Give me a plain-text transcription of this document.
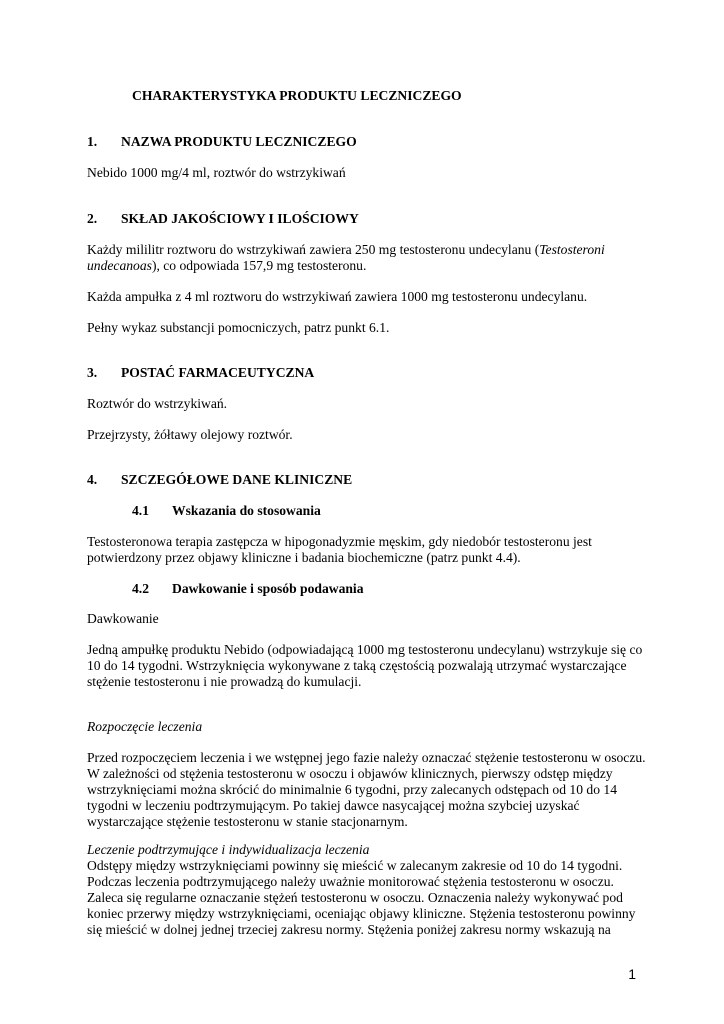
CHARAKTERYSTYKA PRODUKTU LECZNICZEGO

1. NAZWA PRODUKTU LECZNICZEGO

Nebido 1000 mg/4 ml, roztwór do wstrzykiwań

2. SKŁAD JAKOŚCIOWY I ILOŚCIOWY

Każdy mililitr roztworu do wstrzykiwań zawiera 250 mg testosteronu undecylanu (Testosteroni

undecanoas), co odpowiada 157,9 mg testosteronu.

Każda ampułka z 4 ml roztworu do wstrzykiwań zawiera 1000 mg testosteronu undecylanu.

Pełny wykaz substancji pomocniczych, patrz punkt 6.1.

3. POSTAĆ FARMACEUTYCZNA

Roztwór do wstrzykiwań.

Przejrzysty, żółtawy olejowy roztwór.

4. SZCZEGÓŁOWE DANE KLINICZNE

4.1 Wskazania do stosowania

Testosteronowa terapia zastępcza w hipogonadyzmie męskim, gdy niedobór testosteronu jest

potwierdzony przez objawy kliniczne i badania biochemiczne (patrz punkt 4.4).

4.2 Dawkowanie i sposób podawania

Dawkowanie

Jedną ampułkę produktu Nebido (odpowiadającą 1000 mg testosteronu undecylanu) wstrzykuje się co

10 do 14 tygodni. Wstrzyknięcia wykonywane z taką częstością pozwalają utrzymać wystarczające

stężenie testosteronu i nie prowadzą do kumulacji.

Rozpoczęcie leczenia

Przed rozpoczęciem leczenia i we wstępnej jego fazie należy oznaczać stężenie testosteronu w osoczu.

W zależności od stężenia testosteronu w osoczu i objawów klinicznych, pierwszy odstęp między

wstrzyknięciami można skrócić do minimalnie 6 tygodni, przy zalecanych odstępach od 10 do 14

tygodni w leczeniu podtrzymującym. Po takiej dawce nasycającej można szybciej uzyskać

wystarczające stężenie testosteronu w stanie stacjonarnym.

Leczenie podtrzymujące i indywidualizacja leczenia

Odstępy między wstrzyknięciami powinny się mieścić w zalecanym zakresie od 10 do 14 tygodni.

Podczas leczenia podtrzymującego należy uważnie monitorować stężenia testosteronu w osoczu.

Zaleca się regularne oznaczanie stężeń testosteronu w osoczu. Oznaczenia należy wykonywać pod

koniec przerwy między wstrzyknięciami, oceniając objawy kliniczne. Stężenia testosteronu powinny

się mieścić w dolnej jednej trzeciej zakresu normy. Stężenia poniżej zakresu normy wskazują na

1
